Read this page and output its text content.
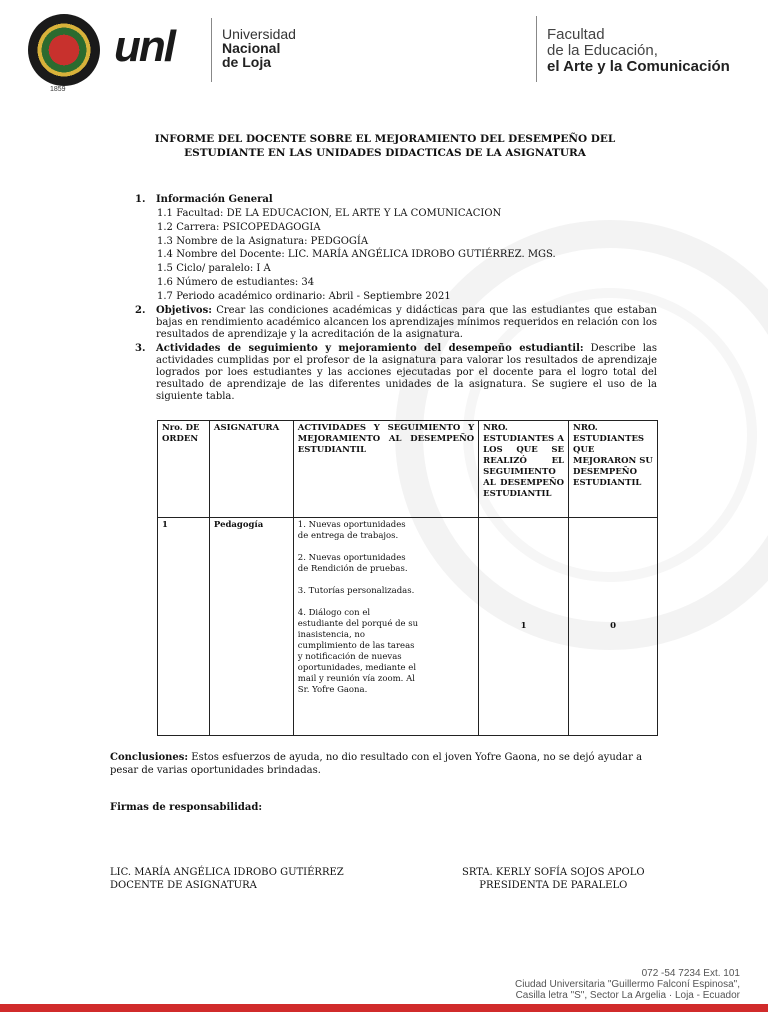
1859
unl	Universidad
Nacional
de Loja
Facultad
de la Educación,
el Arte y la Comunicación
INFORME DEL DOCENTE SOBRE EL MEJORAMIENTO DEL DESEMPEÑO DEL ESTUDIANTE EN LAS UNIDADES DIDACTICAS DE LA ASIGNATURA
1. Información General
1.1 Facultad: DE LA EDUCACION, EL ARTE Y LA COMUNICACION
1.2 Carrera: PSICOPEDAGOGIA
1.3 Nombre de la Asignatura: PEDGOGÍA
1.4 Nombre del Docente: LIC. MARÍA ANGÉLICA IDROBO GUTIÉRREZ. MGS.
1.5 Ciclo/ paralelo: I A
1.6 Número de estudiantes: 34
1.7 Periodo académico ordinario: Abril - Septiembre 2021
2. Objetivos: Crear las condiciones académicas y didácticas para que las estudiantes que estaban bajas en rendimiento académico alcancen los aprendizajes mínimos requeridos en relación con los resultados de aprendizaje y la acreditación de la asignatura.
3. Actividades de seguimiento y mejoramiento del desempeño estudiantil: Describe las actividades cumplidas por el profesor de la asignatura para valorar los resultados de aprendizaje logrados por loes estudiantes y las acciones ejecutadas por el docente para el logro total del resultado de aprendizaje de las diferentes unidades de la asignatura. Se sugiere el uso de la siguiente tabla.
Nro. DE ORDEN	ASIGNATURA	ACTIVIDADES Y SEGUIMIENTO Y MEJORAMIENTO AL DESEMPEÑO ESTUDIANTIL	NRO. ESTUDIANTES A LOS QUE SE REALIZÓ EL SEGUIMIENTO AL DESEMPEÑO ESTUDIANTIL	NRO. ESTUDIANTES QUE MEJORARON SU DESEMPEÑO ESTUDIANTIL
1	Pedagogía	1. Nuevas oportunidades de entrega de trabajos.

2. Nuevas oportunidades de Rendición de pruebas.

3. Tutorías personalizadas.

4. Diálogo con el estudiante del porqué de su inasistencia, no cumplimiento de las tareas y notificación de nuevas oportunidades, mediante el mail y reunión vía zoom. Al Sr. Yofre Gaona.	1	0
Conclusiones: Estos esfuerzos de ayuda, no dio resultado con el joven Yofre Gaona, no se dejó ayudar a pesar de varias oportunidades brindadas.
Firmas de responsabilidad:
LIC. MARÍA ANGÉLICA IDROBO GUTIÉRREZ
DOCENTE DE ASIGNATURA
SRTA. KERLY SOFÍA SOJOS APOLO
PRESIDENTA DE PARALELO
072 -54 7234 Ext. 101
Ciudad Universitaria "Guillermo Falconí Espinosa",
Casilla letra "S", Sector La Argelia · Loja - Ecuador
